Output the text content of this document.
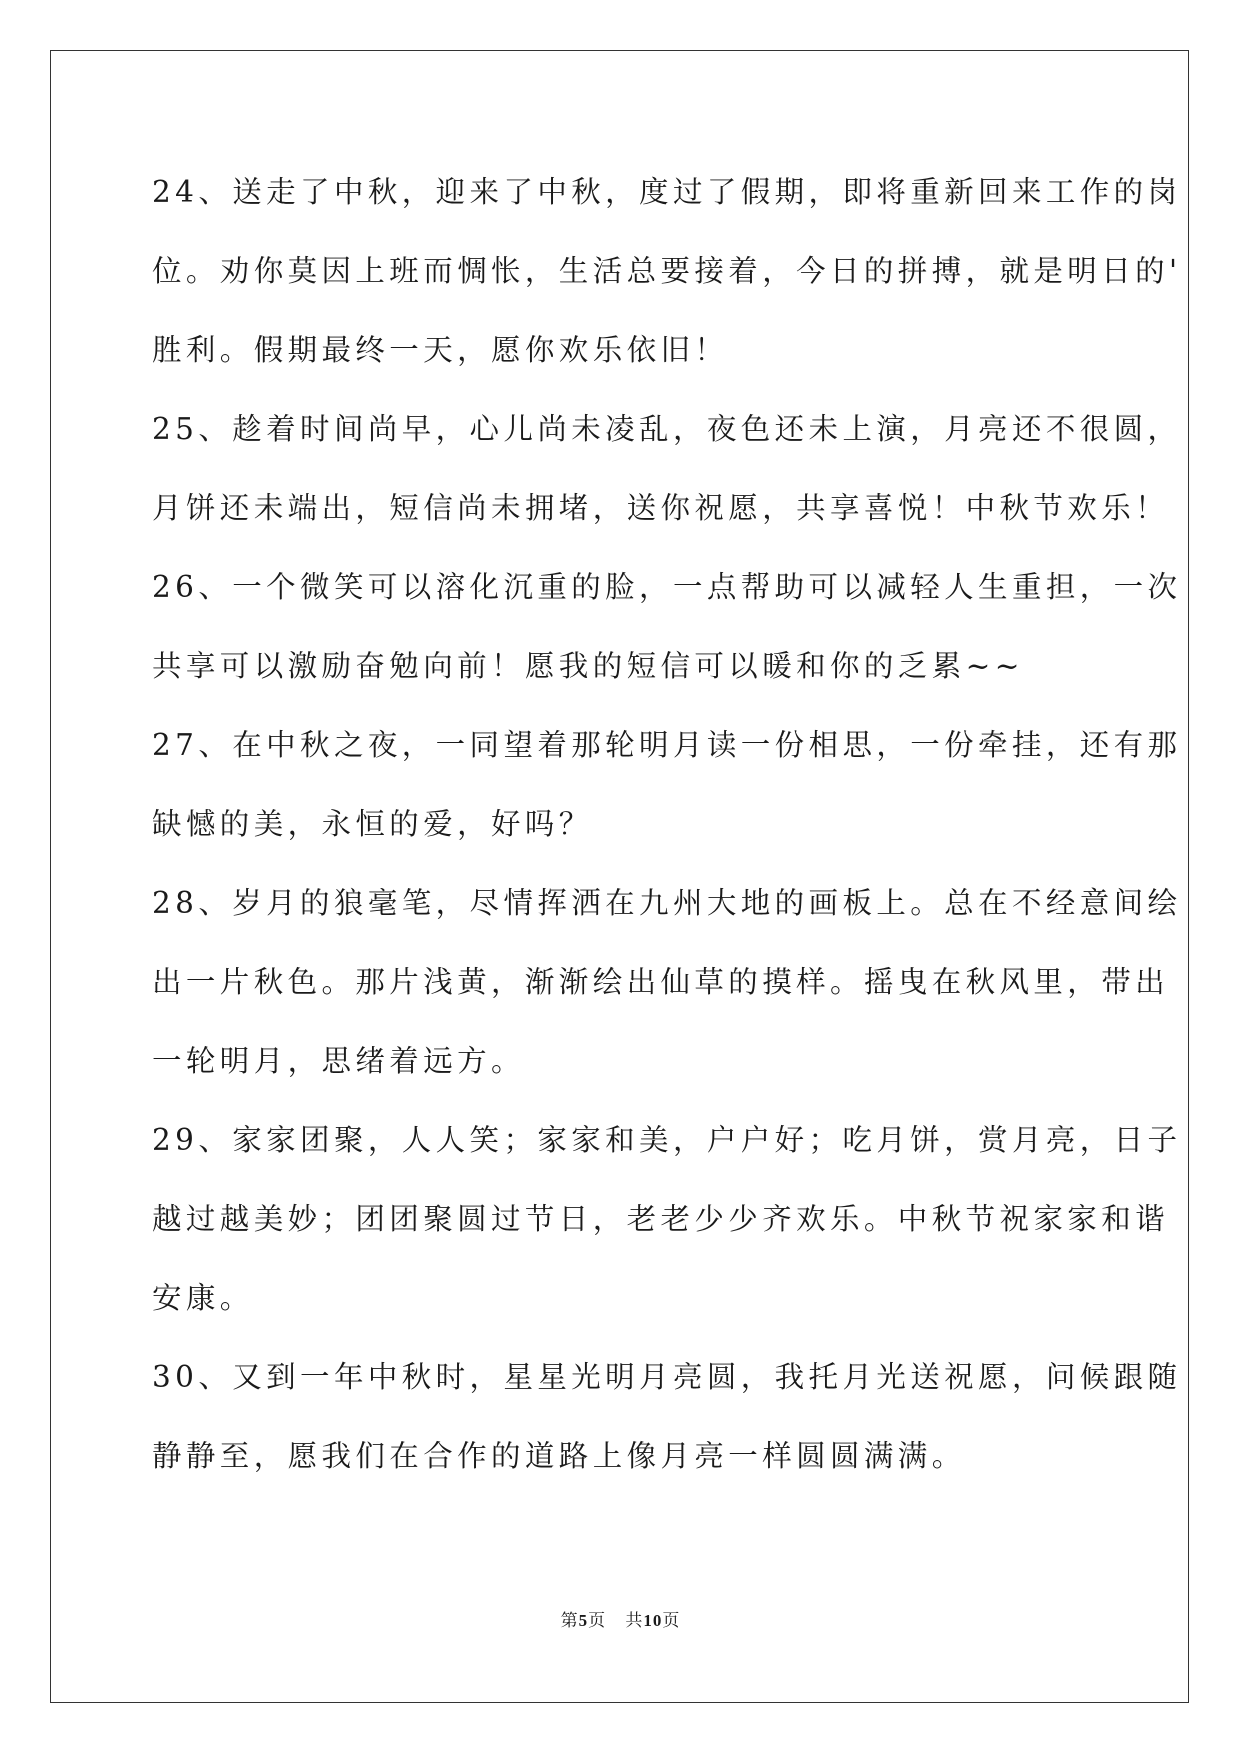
24、送走了中秋，迎来了中秋，度过了假期，即将重新回来工作的岗
位。劝你莫因上班而惆怅，生活总要接着，今日的拼搏，就是明日的'
胜利。假期最终一天，愿你欢乐依旧！
25、趁着时间尚早，心儿尚未凌乱，夜色还未上演，月亮还不很圆，
月饼还未端出，短信尚未拥堵，送你祝愿，共享喜悦！中秋节欢乐！
26、一个微笑可以溶化沉重的脸，一点帮助可以减轻人生重担，一次
共享可以激励奋勉向前！愿我的短信可以暖和你的乏累~~
27、在中秋之夜，一同望着那轮明月读一份相思，一份牵挂，还有那
缺憾的美，永恒的爱，好吗？
28、岁月的狼毫笔，尽情挥洒在九州大地的画板上。总在不经意间绘
出一片秋色。那片浅黄，渐渐绘出仙草的摸样。摇曳在秋风里，带出
一轮明月，思绪着远方。
29、家家团聚，人人笑；家家和美，户户好；吃月饼，赏月亮，日子
越过越美妙；团团聚圆过节日，老老少少齐欢乐。中秋节祝家家和谐
安康。
30、又到一年中秋时，星星光明月亮圆，我托月光送祝愿，问候跟随
静静至，愿我们在合作的道路上像月亮一样圆圆满满。
第5页 共10页
